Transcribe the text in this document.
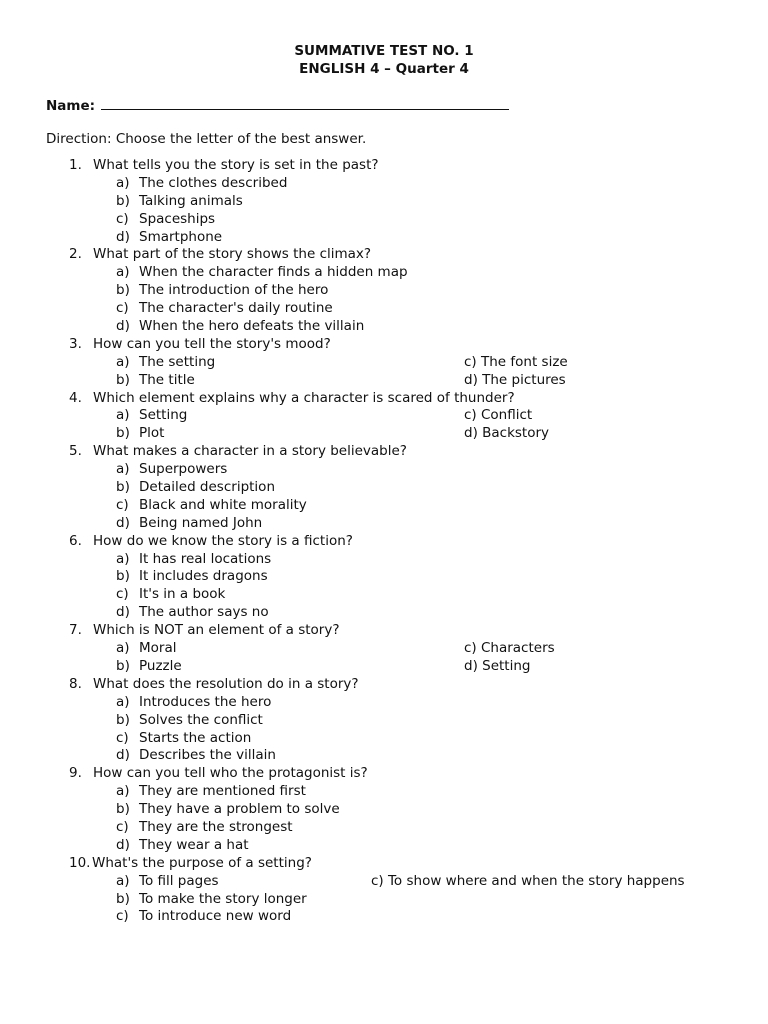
SUMMATIVE TEST NO. 1
ENGLISH 4 – Quarter 4
Name:
Direction: Choose the letter of the best answer.
1. What tells you the story is set in the past?
a) The clothes described
b) Talking animals
c) Spaceships
d) Smartphone
2. What part of the story shows the climax?
a) When the character finds a hidden map
b) The introduction of the hero
c) The character's daily routine
d) When the hero defeats the villain
3. How can you tell the story's mood?
a) The setting	c) The font size
b) The title	d) The pictures
4. Which element explains why a character is scared of thunder?
a) Setting	c) Conflict
b) Plot	d) Backstory
5. What makes a character in a story believable?
a) Superpowers
b) Detailed description
c) Black and white morality
d) Being named John
6. How do we know the story is a fiction?
a) It has real locations
b) It includes dragons
c) It's in a book
d) The author says no
7. Which is NOT an element of a story?
a) Moral	c) Characters
b) Puzzle	d) Setting
8. What does the resolution do in a story?
a) Introduces the hero
b) Solves the conflict
c) Starts the action
d) Describes the villain
9. How can you tell who the protagonist is?
a) They are mentioned first
b) They have a problem to solve
c) They are the strongest
d) They wear a hat
10. What's the purpose of a setting?
a) To fill pages	c) To show where and when the story happens
b) To make the story longer
c) To introduce new word
